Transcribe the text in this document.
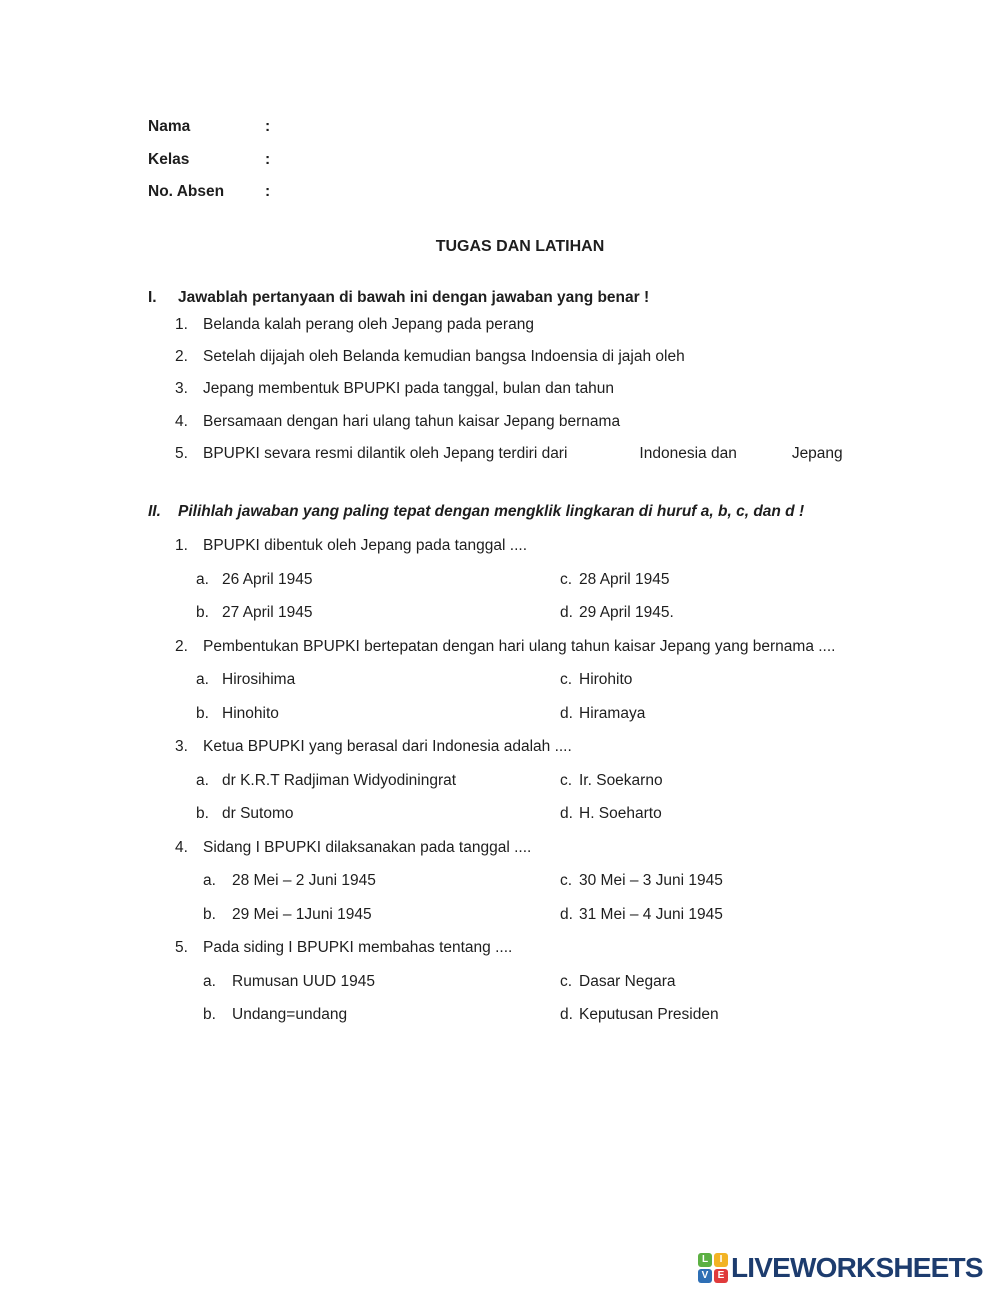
Nama	:
Kelas	:
No. Absen	:
TUGAS DAN LATIHAN
I.	Jawablah pertanyaan di bawah ini dengan jawaban yang benar !
1. Belanda kalah perang oleh Jepang pada perang
2. Setelah dijajah oleh Belanda kemudian bangsa Indoensia di jajah oleh
3. Jepang membentuk BPUPKI pada tanggal, bulan dan tahun
4. Bersamaan dengan hari ulang tahun kaisar Jepang bernama
5. BPUPKI sevara resmi dilantik oleh Jepang terdiri dari	Indonesia dan	Jepang
II.	Pilihlah jawaban yang paling tepat dengan mengklik lingkaran di huruf a, b, c, dan d !
1. BPUPKI dibentuk oleh Jepang pada tanggal ....
a. 26 April 1945	c. 28 April 1945
b. 27 April 1945	d. 29 April 1945.
2. Pembentukan BPUPKI bertepatan dengan hari ulang tahun kaisar Jepang yang bernama ....
a. Hirosihima	c. Hirohito
b. Hinohito	d. Hiramaya
3. Ketua BPUPKI yang berasal dari Indonesia adalah ....
a. dr K.R.T Radjiman Widyodiningrat	c. Ir. Soekarno
b. dr Sutomo	d. H. Soeharto
4. Sidang I BPUPKI dilaksanakan pada tanggal ....
a.	28 Mei – 2 Juni 1945	c. 30 Mei – 3 Juni 1945
b.	29 Mei – 1Juni 1945	d. 31 Mei – 4 Juni 1945
5. Pada siding I BPUPKI membahas tentang ....
a.	Rumusan UUD 1945	c. Dasar Negara
b.	Undang=undang	d. Keputusan Presiden
L	I
V E LIVEWORKSHEETS
